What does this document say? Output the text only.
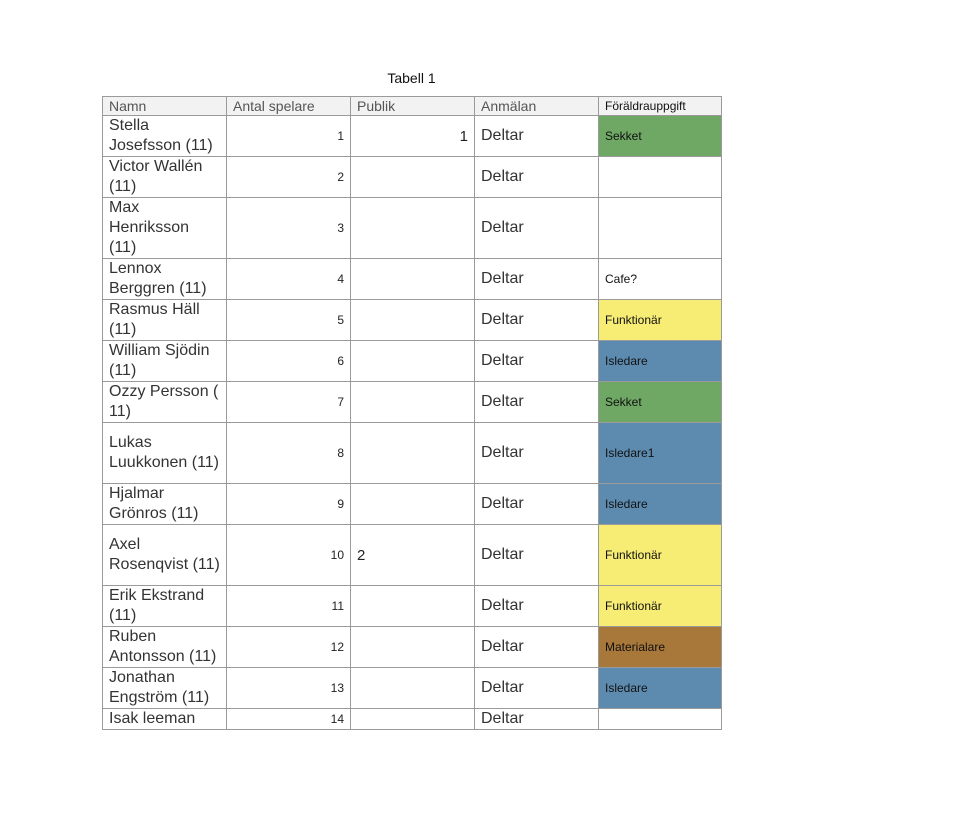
Tabell 1
Namn	Antal spelare	Publik	Anmälan	Föräldrauppgift
Stella Josefsson (11)	1	1	Deltar	Sekket
Victor Wallén (11)	2		Deltar	
Max Henriksson (11)	3		Deltar	
Lennox Berggren (11)	4		Deltar	Cafe?
Rasmus Häll (11)	5		Deltar	Funktionär
William Sjödin (11)	6		Deltar	Isledare
Ozzy Persson ( 11)	7		Deltar	Sekket
Lukas Luukkonen (11)	8		Deltar	Isledare1
Hjalmar Grönros (11)	9		Deltar	Isledare
Axel Rosenqvist (11)	10	2	Deltar	Funktionär
Erik Ekstrand (11)	11		Deltar	Funktionär
Ruben Antonsson (11)	12		Deltar	Materialare
Jonathan Engström (11)	13		Deltar	Isledare
Isak leeman	14		Deltar	
